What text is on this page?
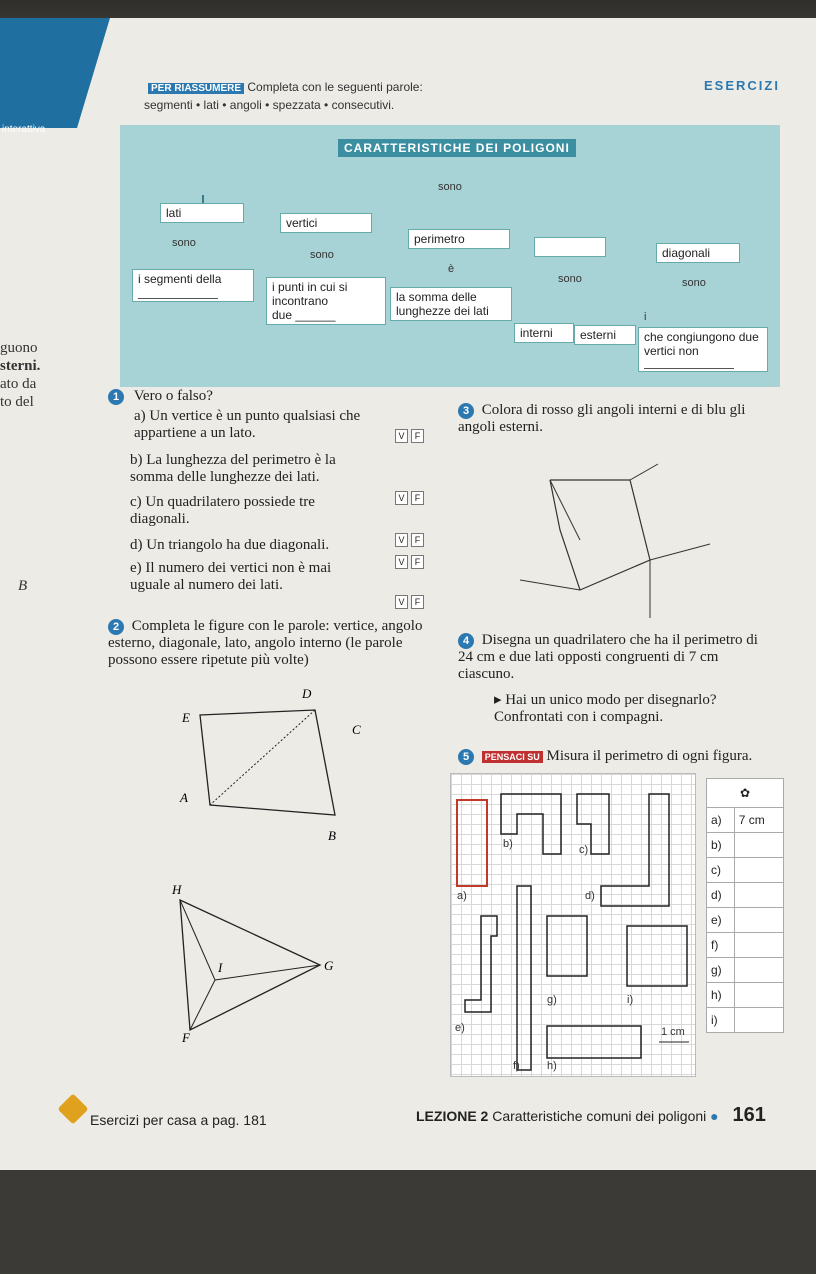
ESERCIZI
PER RIASSUMERE Completa con le seguenti parole:
segmenti • lati • angoli • spezzata • consecutivi.
interattiva
guono
sterni.
ato da
to del
B
CARATTERISTICHE DEI POLIGONI
sono
lati
vertici
perimetro
diagonali
sono
sono
è
sono	sono
i segmenti della
i punti in cui si incontrano
due ______
la somma delle lunghezze dei lati
interni	esterni
i
che congiungono due vertici non
1 Vero o falso?
a) Un vertice è un punto qualsiasi che appartiene a un lato.	V F
b) La lunghezza del perimetro è la somma delle lunghezze dei lati.
V F
c) Un quadrilatero possiede tre diagonali.
V F
d) Un triangolo ha due diagonali.
V F
e) Il numero dei vertici non è mai uguale al numero dei lati.
V F
3 Colora di rosso gli angoli interni e di blu gli angoli esterni.
2 Completa le figure con le parole: vertice, angolo esterno, diagonale, lato, angolo interno (le parole possono essere ripetute più volte)
D
E
C
A
B
H
I	G
F
4 Disegna un quadrilatero che ha il perimetro di 24 cm e due lati opposti congruenti di 7 cm ciascuno.
▸ Hai un unico modo per disegnarlo? Confrontati con i compagni.
5 PENSACI SU Misura il perimetro di ogni figura.
a)
b)	c)
d)
e)
f)
g)
h)
i)
1 cm
✿	
a)	7 cm
b)	
c)	
d)	
e)	
f)	
g)	
h)	
i)	
Esercizi per casa a pag. 181	LEZIONE 2 Caratteristiche comuni dei poligoni ● 161
